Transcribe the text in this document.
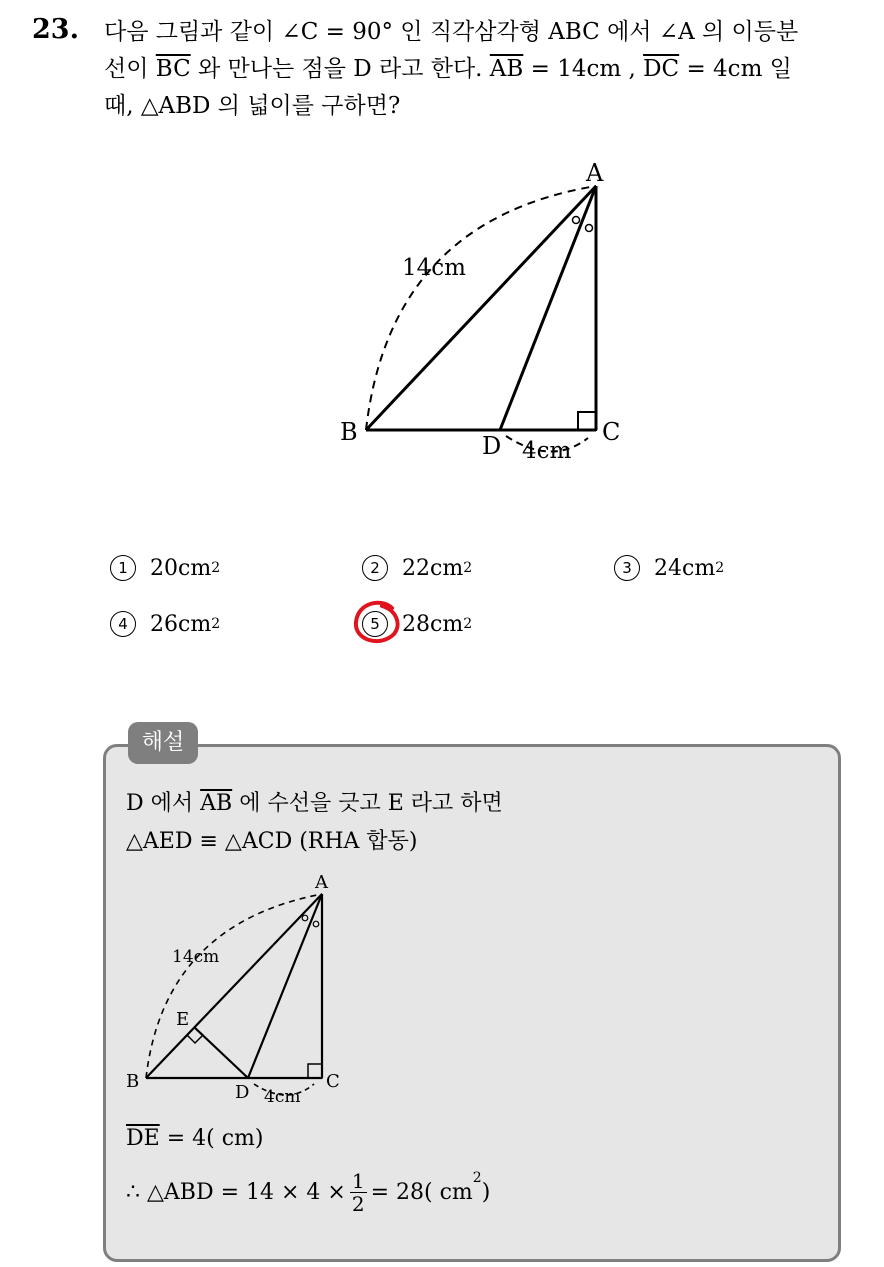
23. 다음 그림과 같이 ∠C = 90° 인 직각삼각형 ABC 에서 ∠A 의 이등분
선이 $\overline{BC}$ 와 만나는 점을 D 라고 한다. $\overline{AB} = 14cm$ , $\overline{DC} = 4cm$ 일
때, △ABD 의 넓이를 구하면?
A
B	C
D
14cm
4cm
1	20cm 2	2	22cm 2	3	24cm 2
4	26cm 2	5	28cm 2
해설
D 에서 $\overline{AB}$ 에 수선을 긋고 E 라고 하면
△AED ≡ △ACD (RHA 합동)
A
B	C
D
E
14cm
4cm
$\overline{DE} = 4$( cm)
∴ △ABD = $14 \times 4 \times \frac{1}{2} = 28$( cm
$^2$
)
